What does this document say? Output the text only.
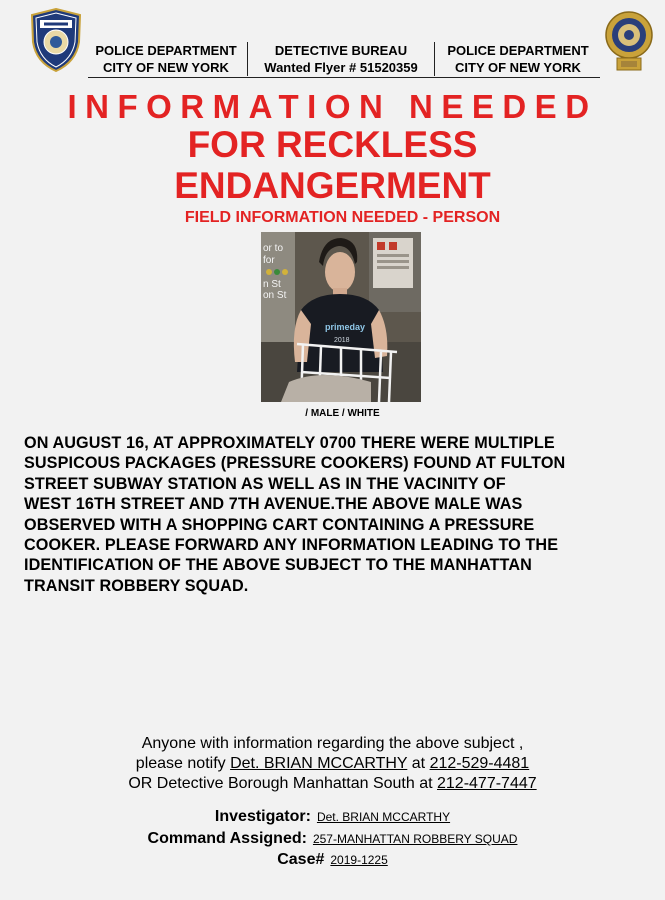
POLICE DEPARTMENT
CITY OF NEW YORK
DETECTIVE BUREAU
Wanted Flyer # 51520359
POLICE DEPARTMENT
CITY OF NEW YORK
INFORMATION NEEDED
FOR RECKLESS
ENDANGERMENT
FIELD INFORMATION NEEDED - PERSON
or to
for
n St
on St
primeday
2018
/ MALE / WHITE
ON AUGUST 16, AT APPROXIMATELY 0700 THERE WERE MULTIPLE
SUSPICOUS PACKAGES (PRESSURE COOKERS) FOUND AT FULTON
STREET SUBWAY STATION AS WELL AS IN THE VACINITY OF
WEST 16TH STREET AND 7TH AVENUE.THE ABOVE MALE WAS
OBSERVED WITH A SHOPPING CART CONTAINING A PRESSURE
COOKER. PLEASE FORWARD ANY INFORMATION LEADING TO THE
IDENTIFICATION OF THE ABOVE SUBJECT TO THE MANHATTAN
TRANSIT ROBBERY SQUAD.
Anyone with information regarding the above subject ,
please notify Det. BRIAN MCCARTHY at 212-529-4481
OR Detective Borough Manhattan South at 212-477-7447
Investigator: Det. BRIAN MCCARTHY
Command Assigned: 257-MANHATTAN ROBBERY SQUAD
Case# 2019-1225
